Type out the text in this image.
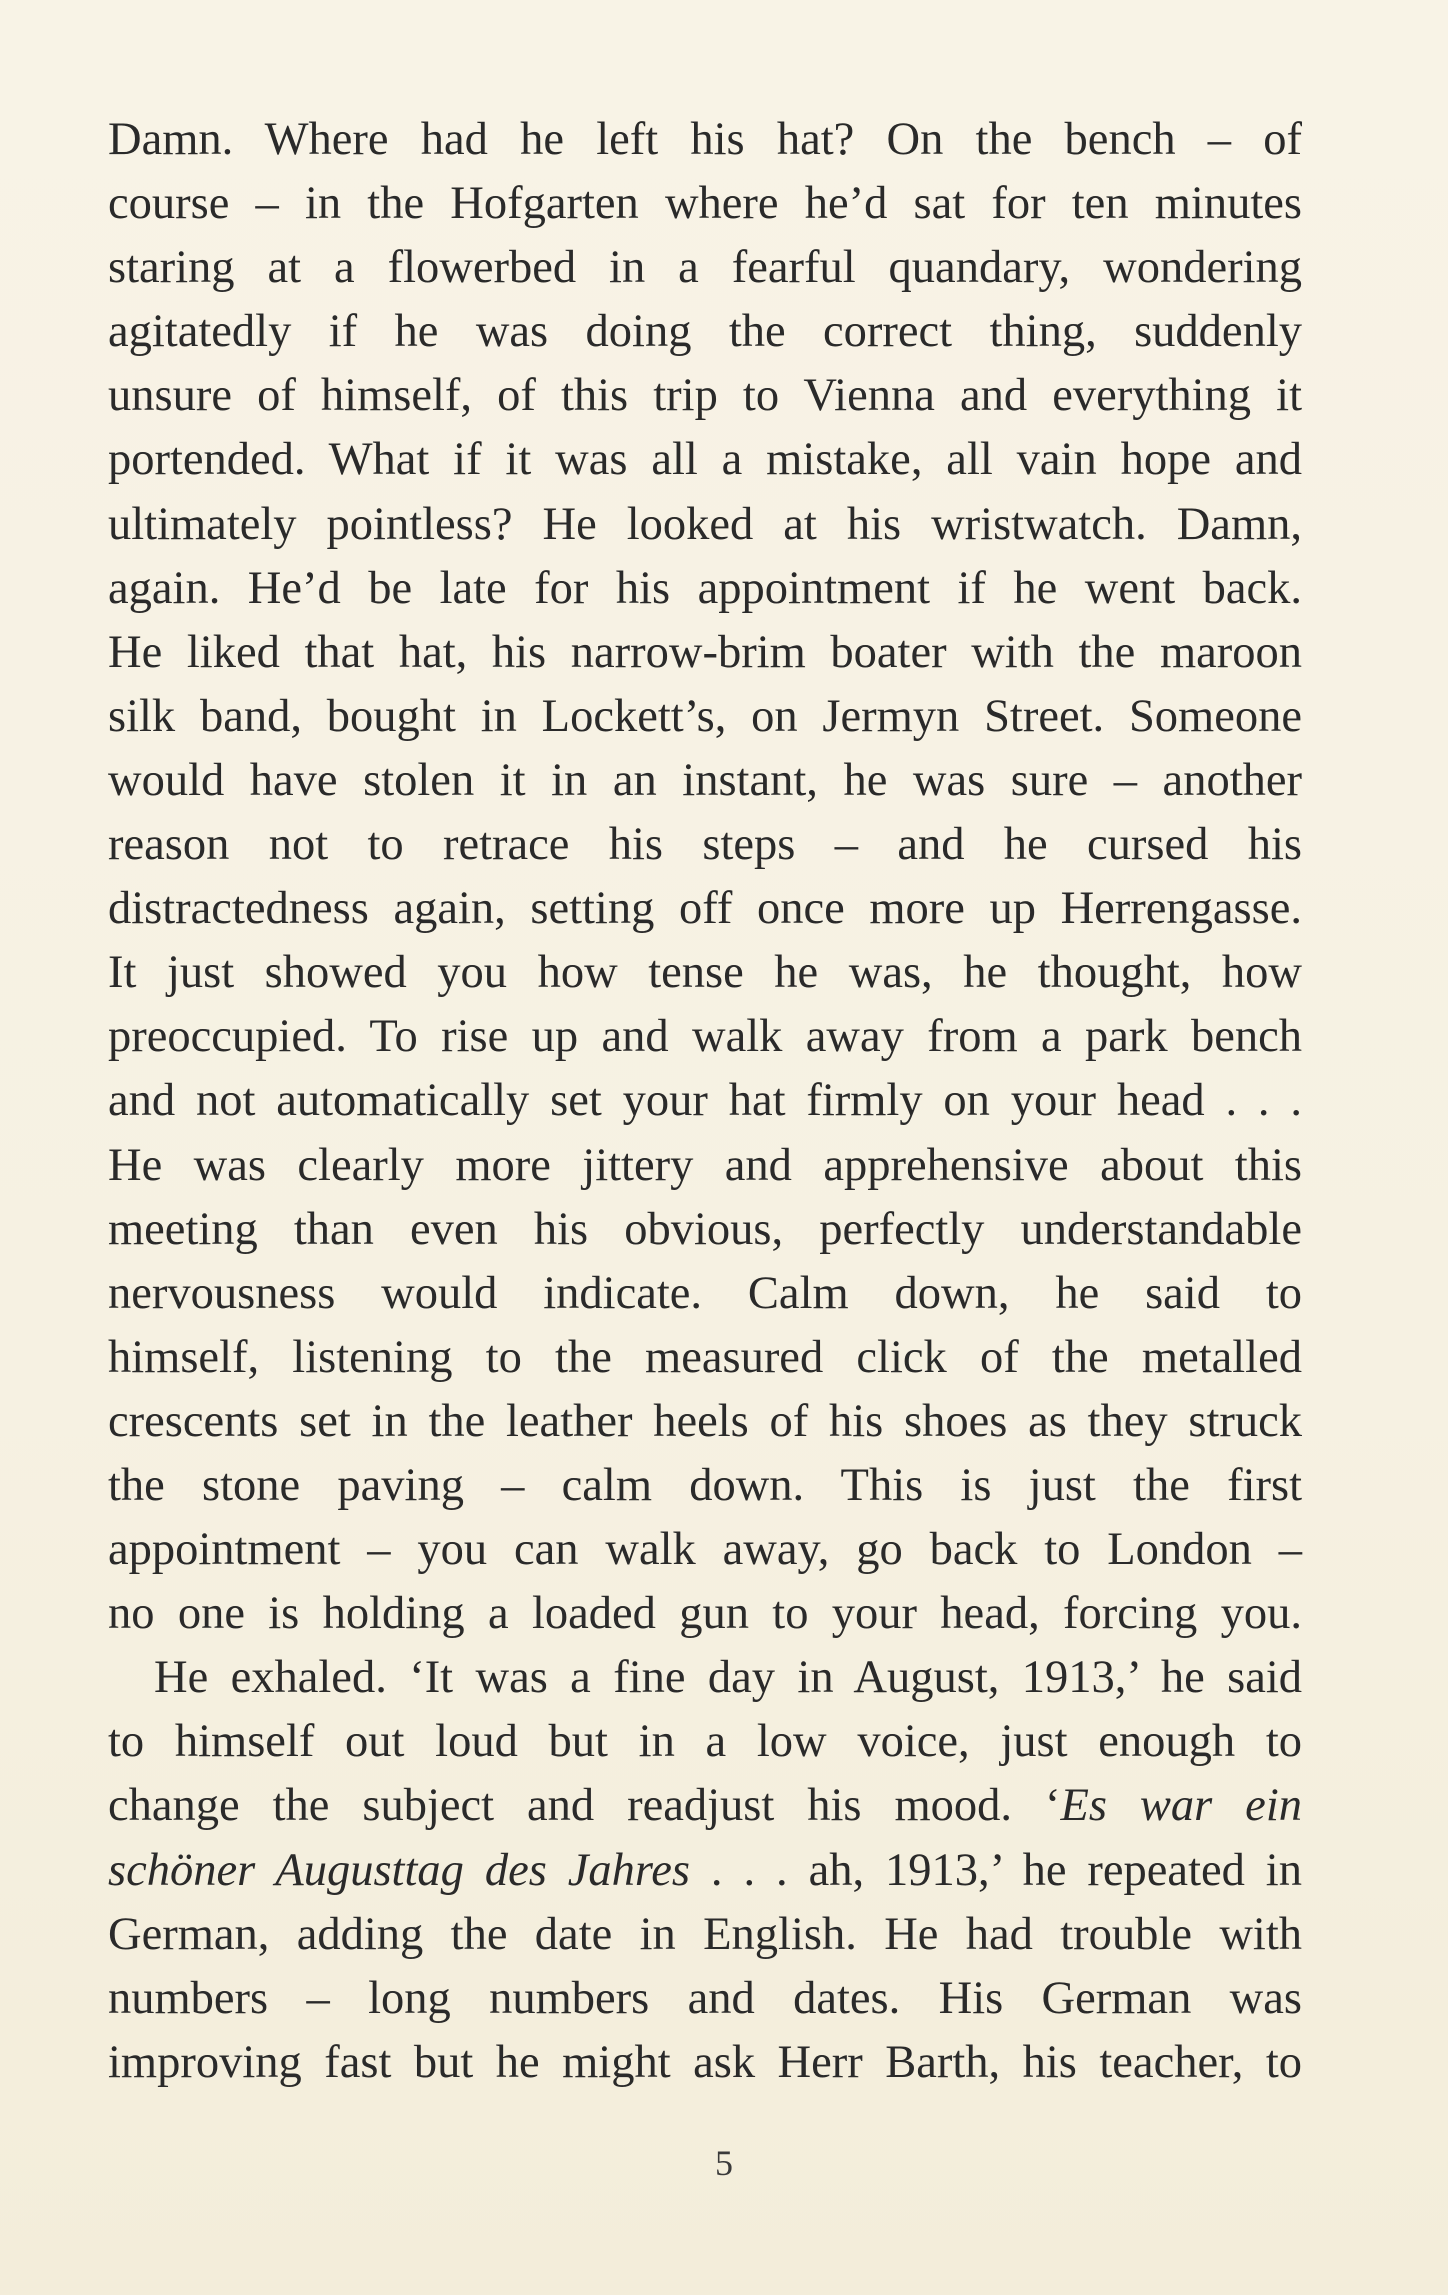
Damn. Where had he left his hat? On the bench – of
course – in the Hofgarten where he’d sat for ten minutes
staring at a flowerbed in a fearful quandary, wondering
agitatedly if he was doing the correct thing, suddenly
unsure of himself, of this trip to Vienna and everything it
portended. What if it was all a mistake, all vain hope and
ultimately pointless? He looked at his wristwatch. Damn,
again. He’d be late for his appointment if he went back.
He liked that hat, his narrow-brim boater with the maroon
silk band, bought in Lockett’s, on Jermyn Street. Someone
would have stolen it in an instant, he was sure – another
reason not to retrace his steps – and he cursed his
distractedness again, setting off once more up Herrengasse.
It just showed you how tense he was, he thought, how
preoccupied. To rise up and walk away from a park bench
and not automatically set your hat firmly on your head . . .
He was clearly more jittery and apprehensive about this
meeting than even his obvious, perfectly understandable
nervousness would indicate. Calm down, he said to
himself, listening to the measured click of the metalled
crescents set in the leather heels of his shoes as they struck
the stone paving – calm down. This is just the first
appointment – you can walk away, go back to London –
no one is holding a loaded gun to your head, forcing you.
He exhaled. ‘It was a fine day in August, 1913,’ he said
to himself out loud but in a low voice, just enough to
change the subject and readjust his mood. ‘Es war ein
schöner Augusttag des Jahres . . . ah, 1913,’ he repeated in
German, adding the date in English. He had trouble with
numbers – long numbers and dates. His German was
improving fast but he might ask Herr Barth, his teacher, to
5
